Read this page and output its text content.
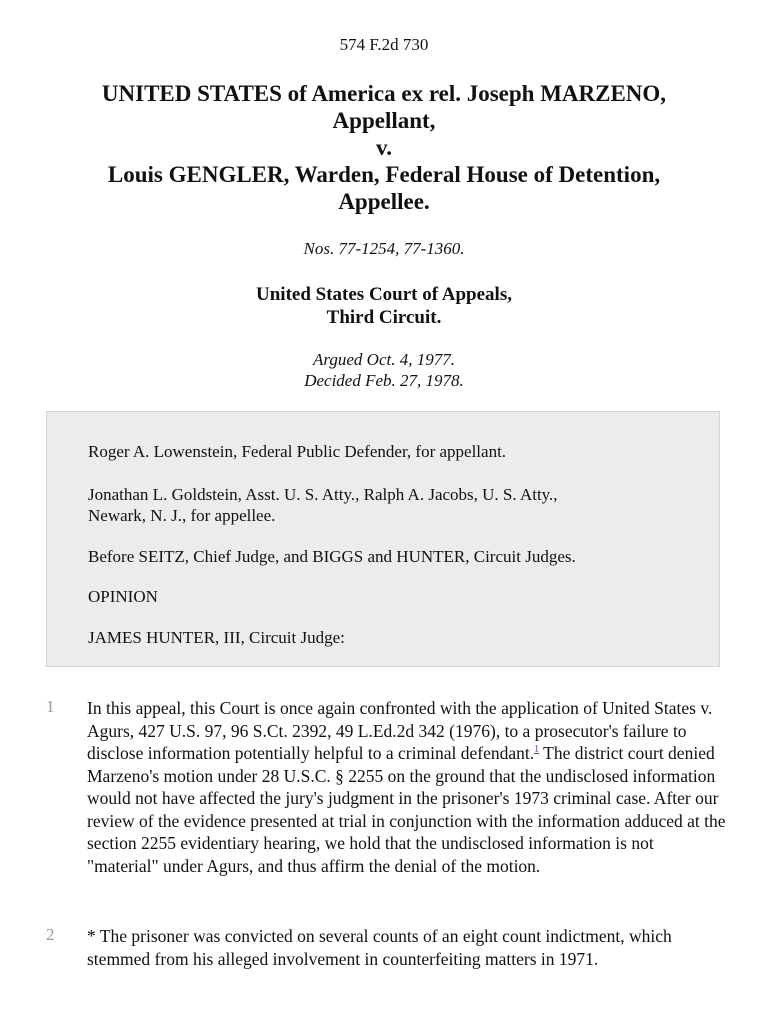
574 F.2d 730
UNITED STATES of America ex rel. Joseph MARZENO,
Appellant,
v.
Louis GENGLER, Warden, Federal House of Detention,
Appellee.
Nos. 77-1254, 77-1360.
United States Court of Appeals,
Third Circuit.
Argued Oct. 4, 1977.
Decided Feb. 27, 1978.

Roger A. Lowenstein, Federal Public Defender, for appellant.

Jonathan L. Goldstein, Asst. U. S. Atty., Ralph A. Jacobs, U. S. Atty.,
Newark, N. J., for appellee.

Before SEITZ, Chief Judge, and BIGGS and HUNTER, Circuit Judges.

OPINION

JAMES HUNTER, III, Circuit Judge:

1 In this appeal, this Court is once again confronted with the application of United States v. Agurs, 427 U.S. 97, 96 S.Ct. 2392, 49 L.Ed.2d 342 (1976), to a prosecutor's failure to disclose information potentially helpful to a criminal defendant.$^1$ The district court denied Marzeno's motion under 28 U.S.C. § 2255 on the ground that the undisclosed information would not have affected the jury's judgment in the prisoner's 1973 criminal case. After our review of the evidence presented at trial in conjunction with the information adduced at the section 2255 evidentiary hearing, we hold that the undisclosed information is not "material" under Agurs, and thus affirm the denial of the motion.

2 * The prisoner was convicted on several counts of an eight count indictment, which stemmed from his alleged involvement in counterfeiting matters in 1971.
